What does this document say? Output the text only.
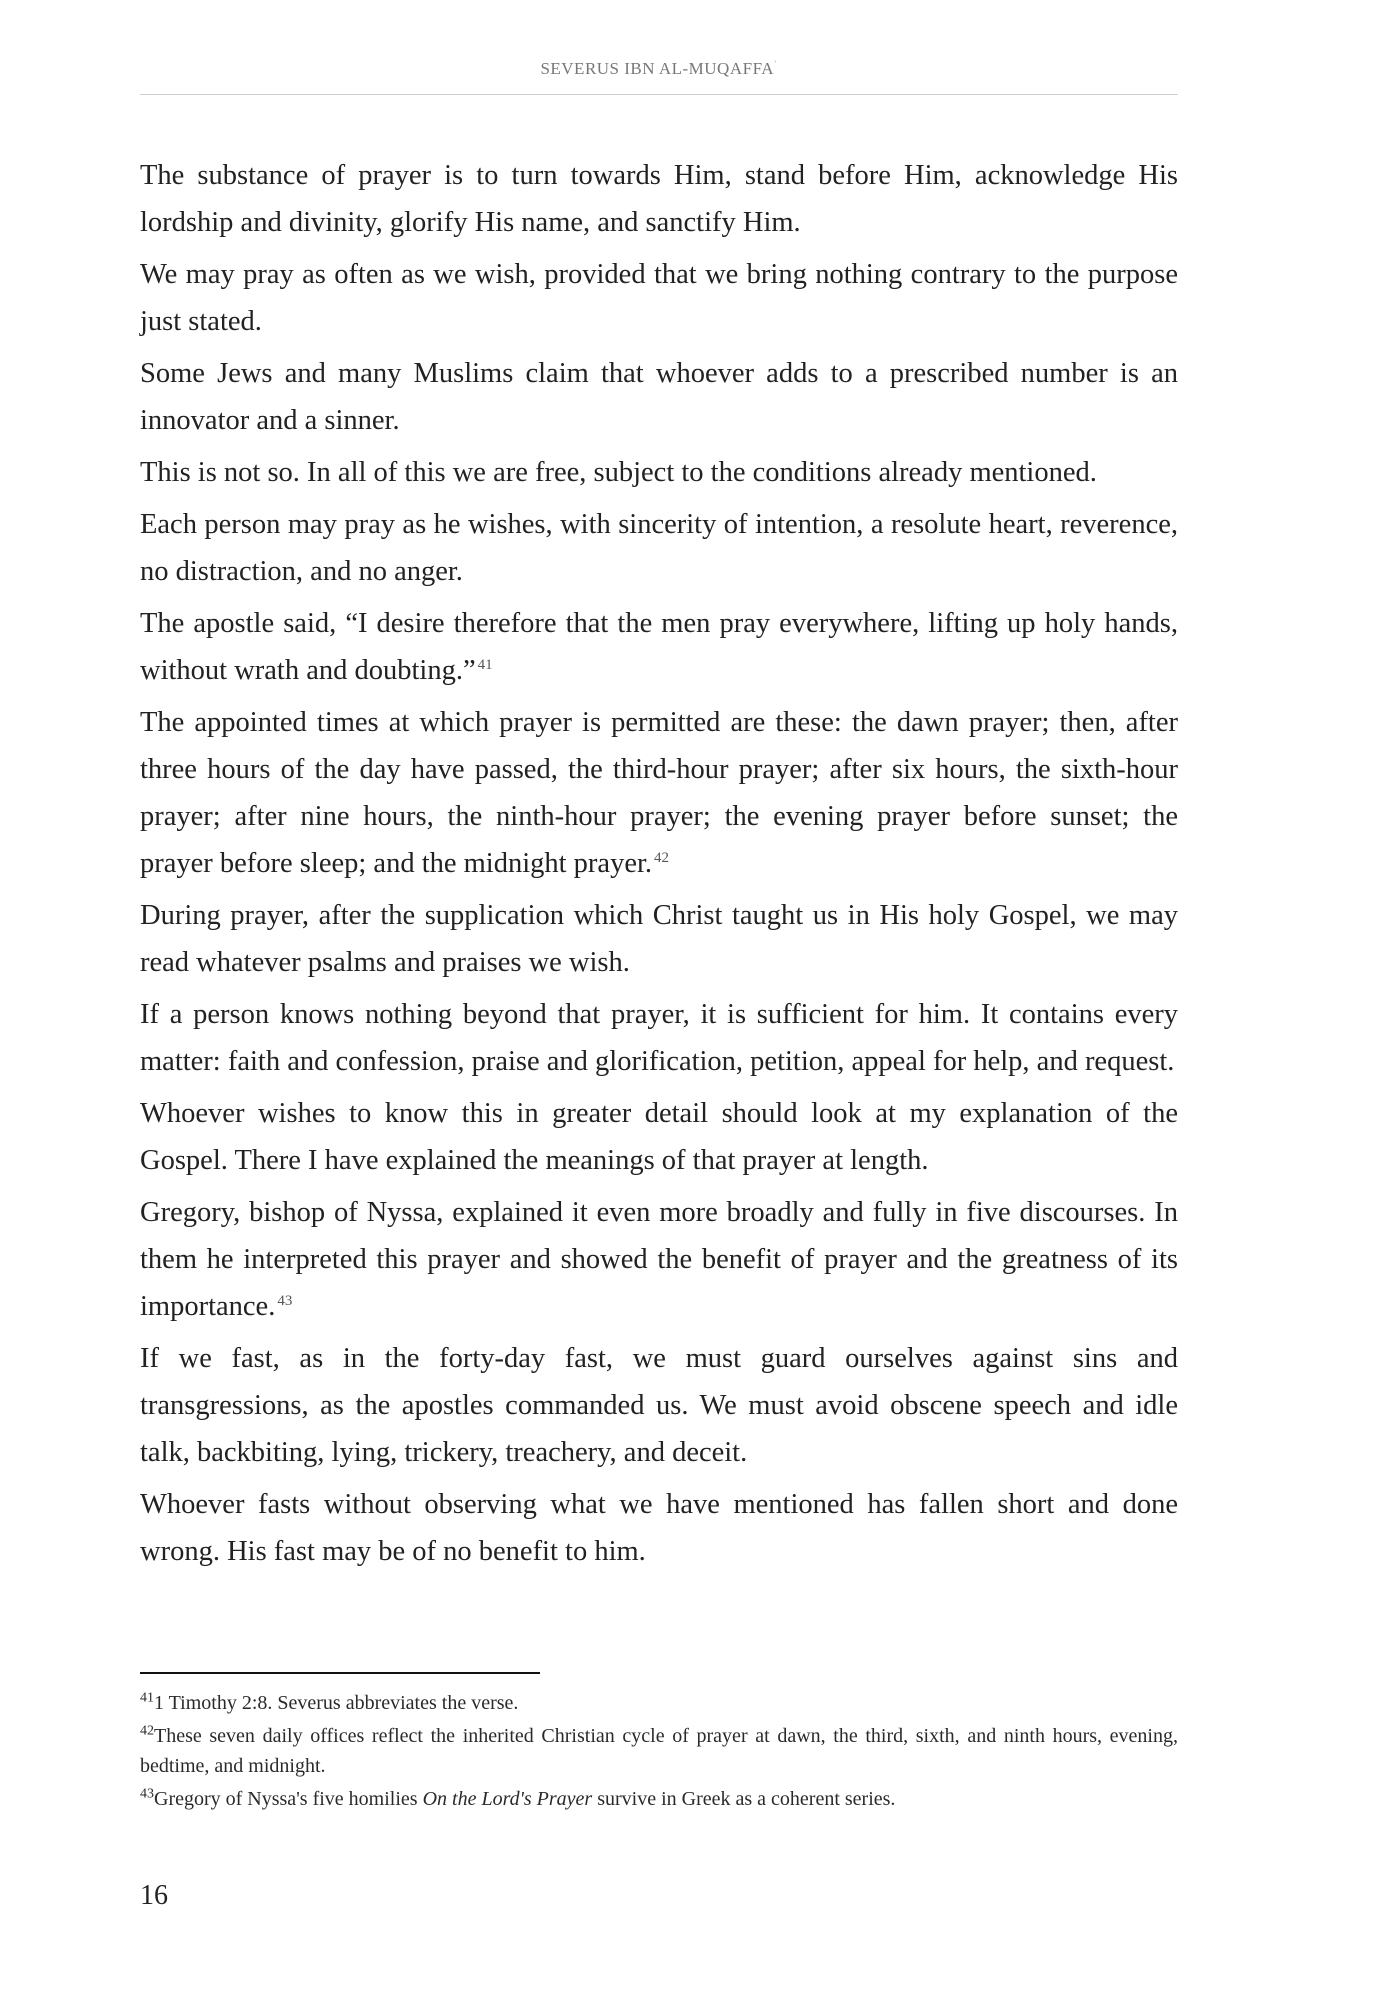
SEVERUS IBN $AL-MUQAFFA^ʿ$

The substance of prayer is to turn towards Him, stand before Him, acknowledge His lordship and divinity, glorify His name, and sanctify Him.

We may pray as often as we wish, provided that we bring nothing contrary to the purpose just stated.

Some Jews and many Muslims claim that whoever adds to a prescribed number is an innovator and a sinner.

This is not so. In all of this we are free, subject to the conditions already mentioned.

Each person may pray as he wishes, with sincerity of intention, a resolute heart, reverence, no distraction, and no anger.

The apostle said, “I desire therefore that the men pray everywhere, lifting up holy hands, without wrath and doubting.” $^{41}$

The appointed times at which prayer is permitted are these: the dawn prayer; then, after three hours of the day have passed, the third-hour prayer; after six hours, the sixth-hour prayer; after nine hours, the ninth-hour prayer; the evening prayer before sunset; the prayer before sleep; and the midnight prayer. $^{42}$

During prayer, after the supplication which Christ taught us in His holy Gospel, we may read whatever psalms and praises we wish.

If a person knows nothing beyond that prayer, it is sufficient for him. It contains every matter: faith and confession, praise and glorification, petition, appeal for help, and request.

Whoever wishes to know this in greater detail should look at my explanation of the Gospel. There I have explained the meanings of that prayer at length.

Gregory, bishop of Nyssa, explained it even more broadly and fully in five discourses. In them he interpreted this prayer and showed the benefit of prayer and the greatness of its importance. $^{43}$

If we fast, as in the forty-day fast, we must guard ourselves against sins and transgressions, as the apostles commanded us. We must avoid obscene speech and idle talk, backbiting, lying, trickery, treachery, and deceit.

Whoever fasts without observing what we have mentioned has fallen short and done wrong. His fast may be of no benefit to him.

$^{41}$1 Timothy 2:8. Severus abbreviates the verse.

$^{42}$These seven daily offices reflect the inherited Christian cycle of prayer at dawn, the third, sixth, and ninth hours, evening, bedtime, and midnight.

$^{43}$Gregory of Nyssa's five homilies On the Lord's Prayer survive in Greek as a coherent series.

16
